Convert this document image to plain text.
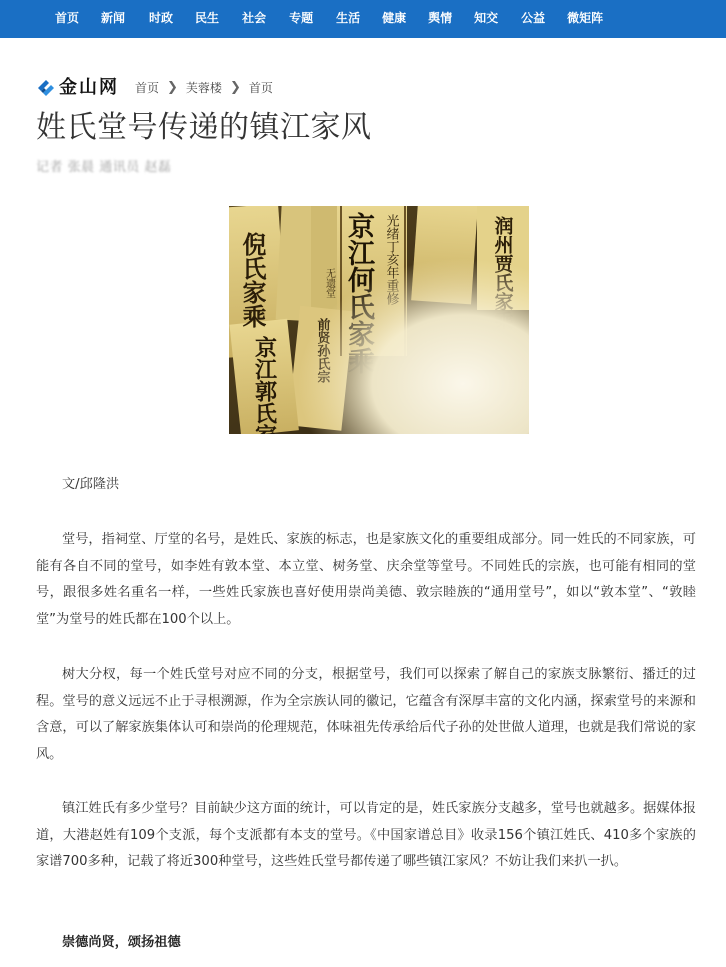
首页 新闻 时政 民生 社会 专题 生活 健康 舆情 知交 公益 微矩阵
金山网 首页 ❯ 芙蓉楼 ❯ 首页
姓氏堂号传递的镇江家风
记者 张晨 通讯员 赵磊

文/邱隆洪

堂号，指祠堂、厅堂的名号，是姓氏、家族的标志，也是家族文化的重要组成部分。同一姓氏的不同家族，可能有各自不同的堂号，如李姓有敦本堂、本立堂、树务堂、庆余堂等堂号。不同姓氏的宗族，也可能有相同的堂号，跟很多姓名重名一样，一些姓氏家族也喜好使用崇尚美德、敦宗睦族的“通用堂号”，如以“敦本堂”、“敦睦堂”为堂号的姓氏都在100个以上。

树大分杈，每一个姓氏堂号对应不同的分支，根据堂号，我们可以探索了解自己的家族支脉繁衍、播迁的过程。堂号的意义远远不止于寻根溯源，作为全宗族认同的徽记，它蕴含有深厚丰富的文化内涵，探索堂号的来源和含意，可以了解家族集体认可和崇尚的伦理规范，体味祖先传承给后代子孙的处世做人道理，也就是我们常说的家风。

镇江姓氏有多少堂号？目前缺少这方面的统计，可以肯定的是，姓氏家族分支越多，堂号也就越多。据媒体报道，大港赵姓有109个支派，每个支派都有本支的堂号。《中国家谱总目》收录156个镇江姓氏、410多个家族的家谱700多种，记载了将近300种堂号，这些姓氏堂号都传递了哪些镇江家风？不妨让我们来扒一扒。

崇德尚贤，颂扬祖德
